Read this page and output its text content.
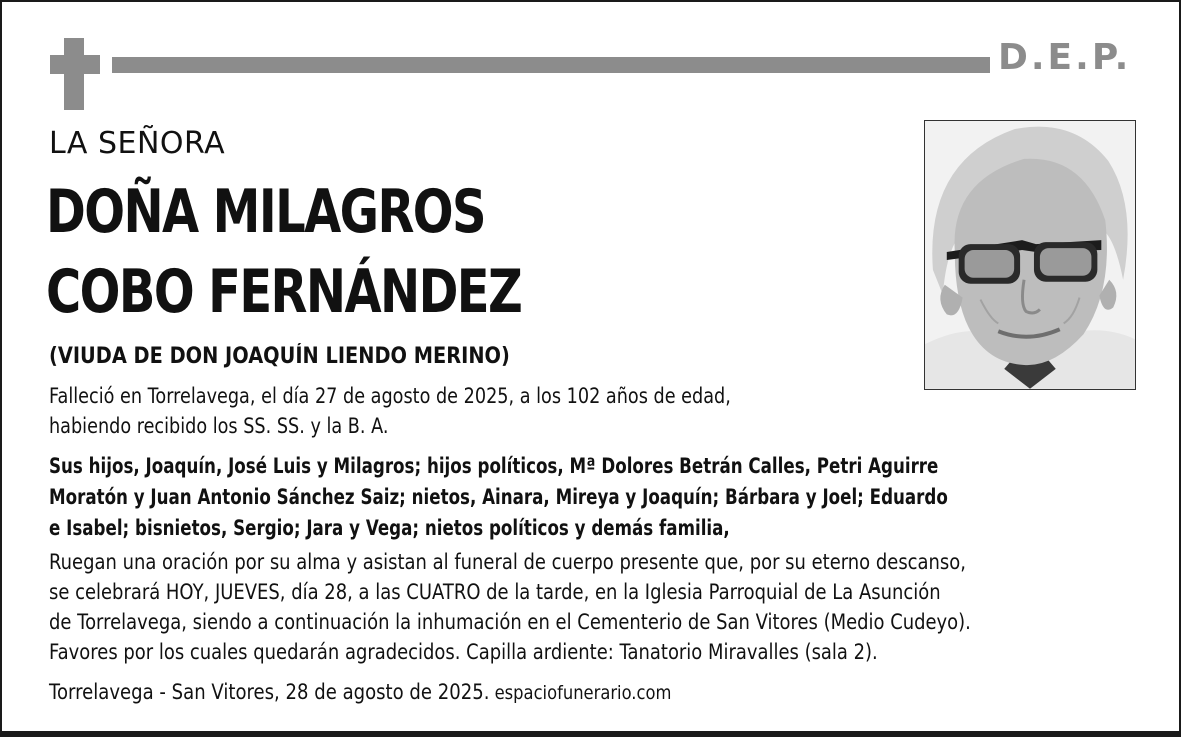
D.E.P.
LA SEÑORA
DOÑA MILAGROS
COBO FERNÁNDEZ
(VIUDA DE DON JOAQUÍN LIENDO MERINO)
Falleció en Torrelavega, el día 27 de agosto de 2025, a los 102 años de edad,
habiendo recibido los SS. SS. y la B. A.
Sus hijos, Joaquín, José Luis y Milagros; hijos políticos, Mª Dolores Betrán Calles, Petri Aguirre
Moratón y Juan Antonio Sánchez Saiz; nietos, Ainara, Mireya y Joaquín; Bárbara y Joel; Eduardo
e Isabel; bisnietos, Sergio; Jara y Vega; nietos políticos y demás familia,
Ruegan una oración por su alma y asistan al funeral de cuerpo presente que, por su eterno descanso,
se celebrará HOY, JUEVES, día 28, a las CUATRO de la tarde, en la Iglesia Parroquial de La Asunción
de Torrelavega, siendo a continuación la inhumación en el Cementerio de San Vitores (Medio Cudeyo).
Favores por los cuales quedarán agradecidos. Capilla ardiente: Tanatorio Miravalles (sala 2).
Torrelavega - San Vitores, 28 de agosto de 2025. espaciofunerario.com
